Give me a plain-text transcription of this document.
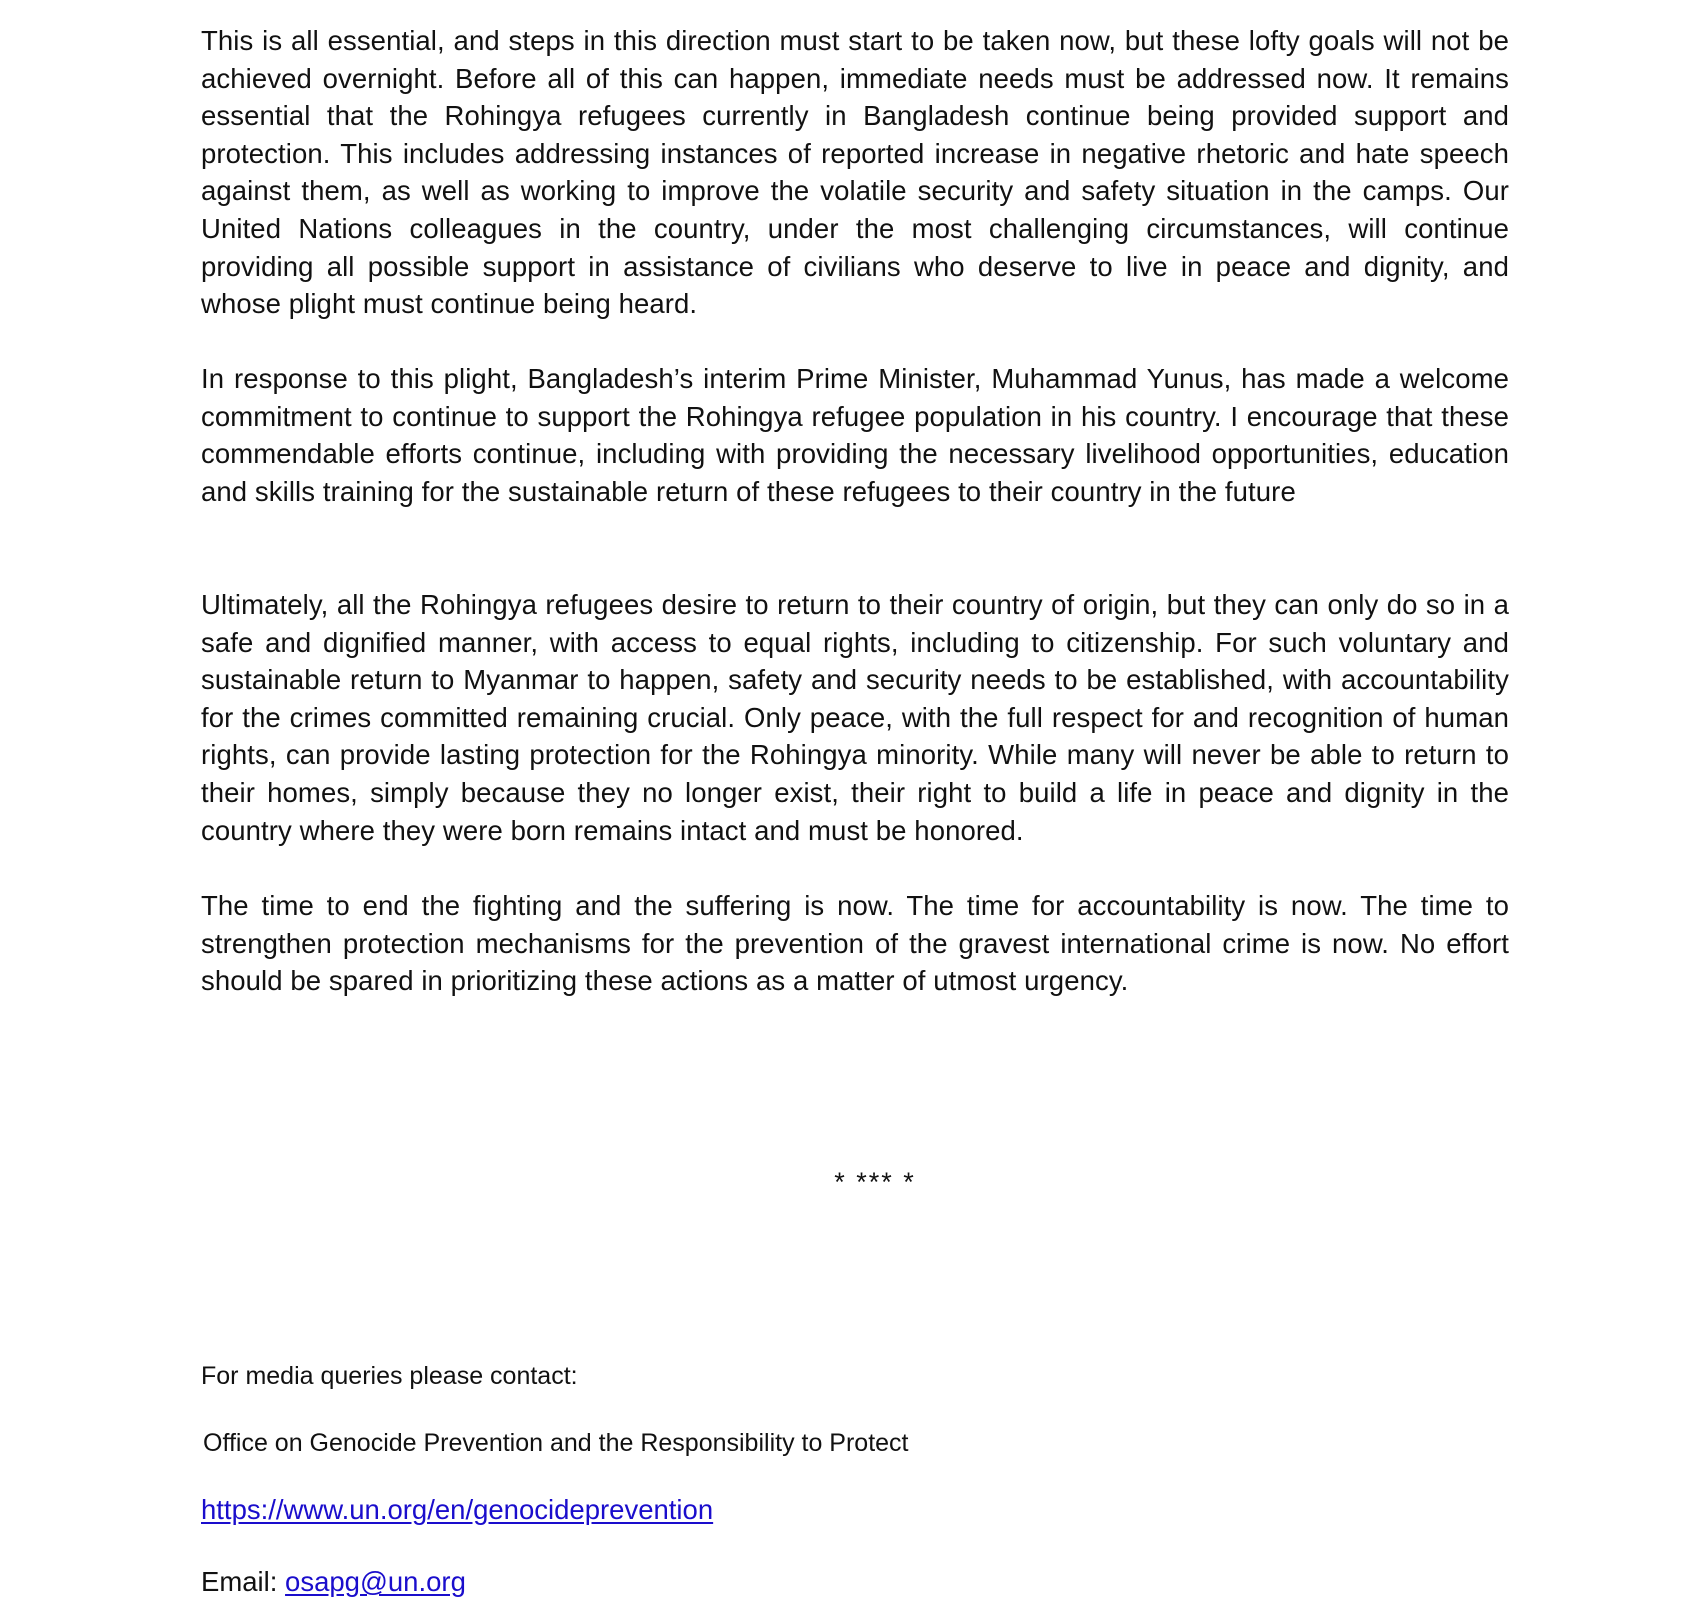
This is all essential, and steps in this direction must start to be taken now, but these lofty goals will not be achieved overnight. Before all of this can happen, immediate needs must be addressed now. It remains essential that the Rohingya refugees currently in Bangladesh continue being provided support and protection. This includes addressing instances of reported increase in negative rhetoric and hate speech against them, as well as working to improve the volatile security and safety situation in the camps. Our United Nations colleagues in the country, under the most challenging circumstances, will continue providing all possible support in assistance of civilians who deserve to live in peace and dignity, and whose plight must continue being heard.

In response to this plight, Bangladesh’s interim Prime Minister, Muhammad Yunus, has made a welcome commitment to continue to support the Rohingya refugee population in his country. I encourage that these commendable efforts continue, including with providing the necessary livelihood opportunities, education and skills training for the sustainable return of these refugees to their country in the future

Ultimately, all the Rohingya refugees desire to return to their country of origin, but they can only do so in a safe and dignified manner, with access to equal rights, including to citizenship. For such voluntary and sustainable return to Myanmar to happen, safety and security needs to be established, with accountability for the crimes committed remaining crucial. Only peace, with the full respect for and recognition of human rights, can provide lasting protection for the Rohingya minority. While many will never be able to return to their homes, simply because they no longer exist, their right to build a life in peace and dignity in the country where they were born remains intact and must be honored.

The time to end the fighting and the suffering is now. The time for accountability is now. The time to strengthen protection mechanisms for the prevention of the gravest international crime is now. No effort should be spared in prioritizing these actions as a matter of utmost urgency.

* *** *
For media queries please contact:
Office on Genocide Prevention and the Responsibility to Protect
https://www.un.org/en/genocideprevention
Email: osapg@un.org
